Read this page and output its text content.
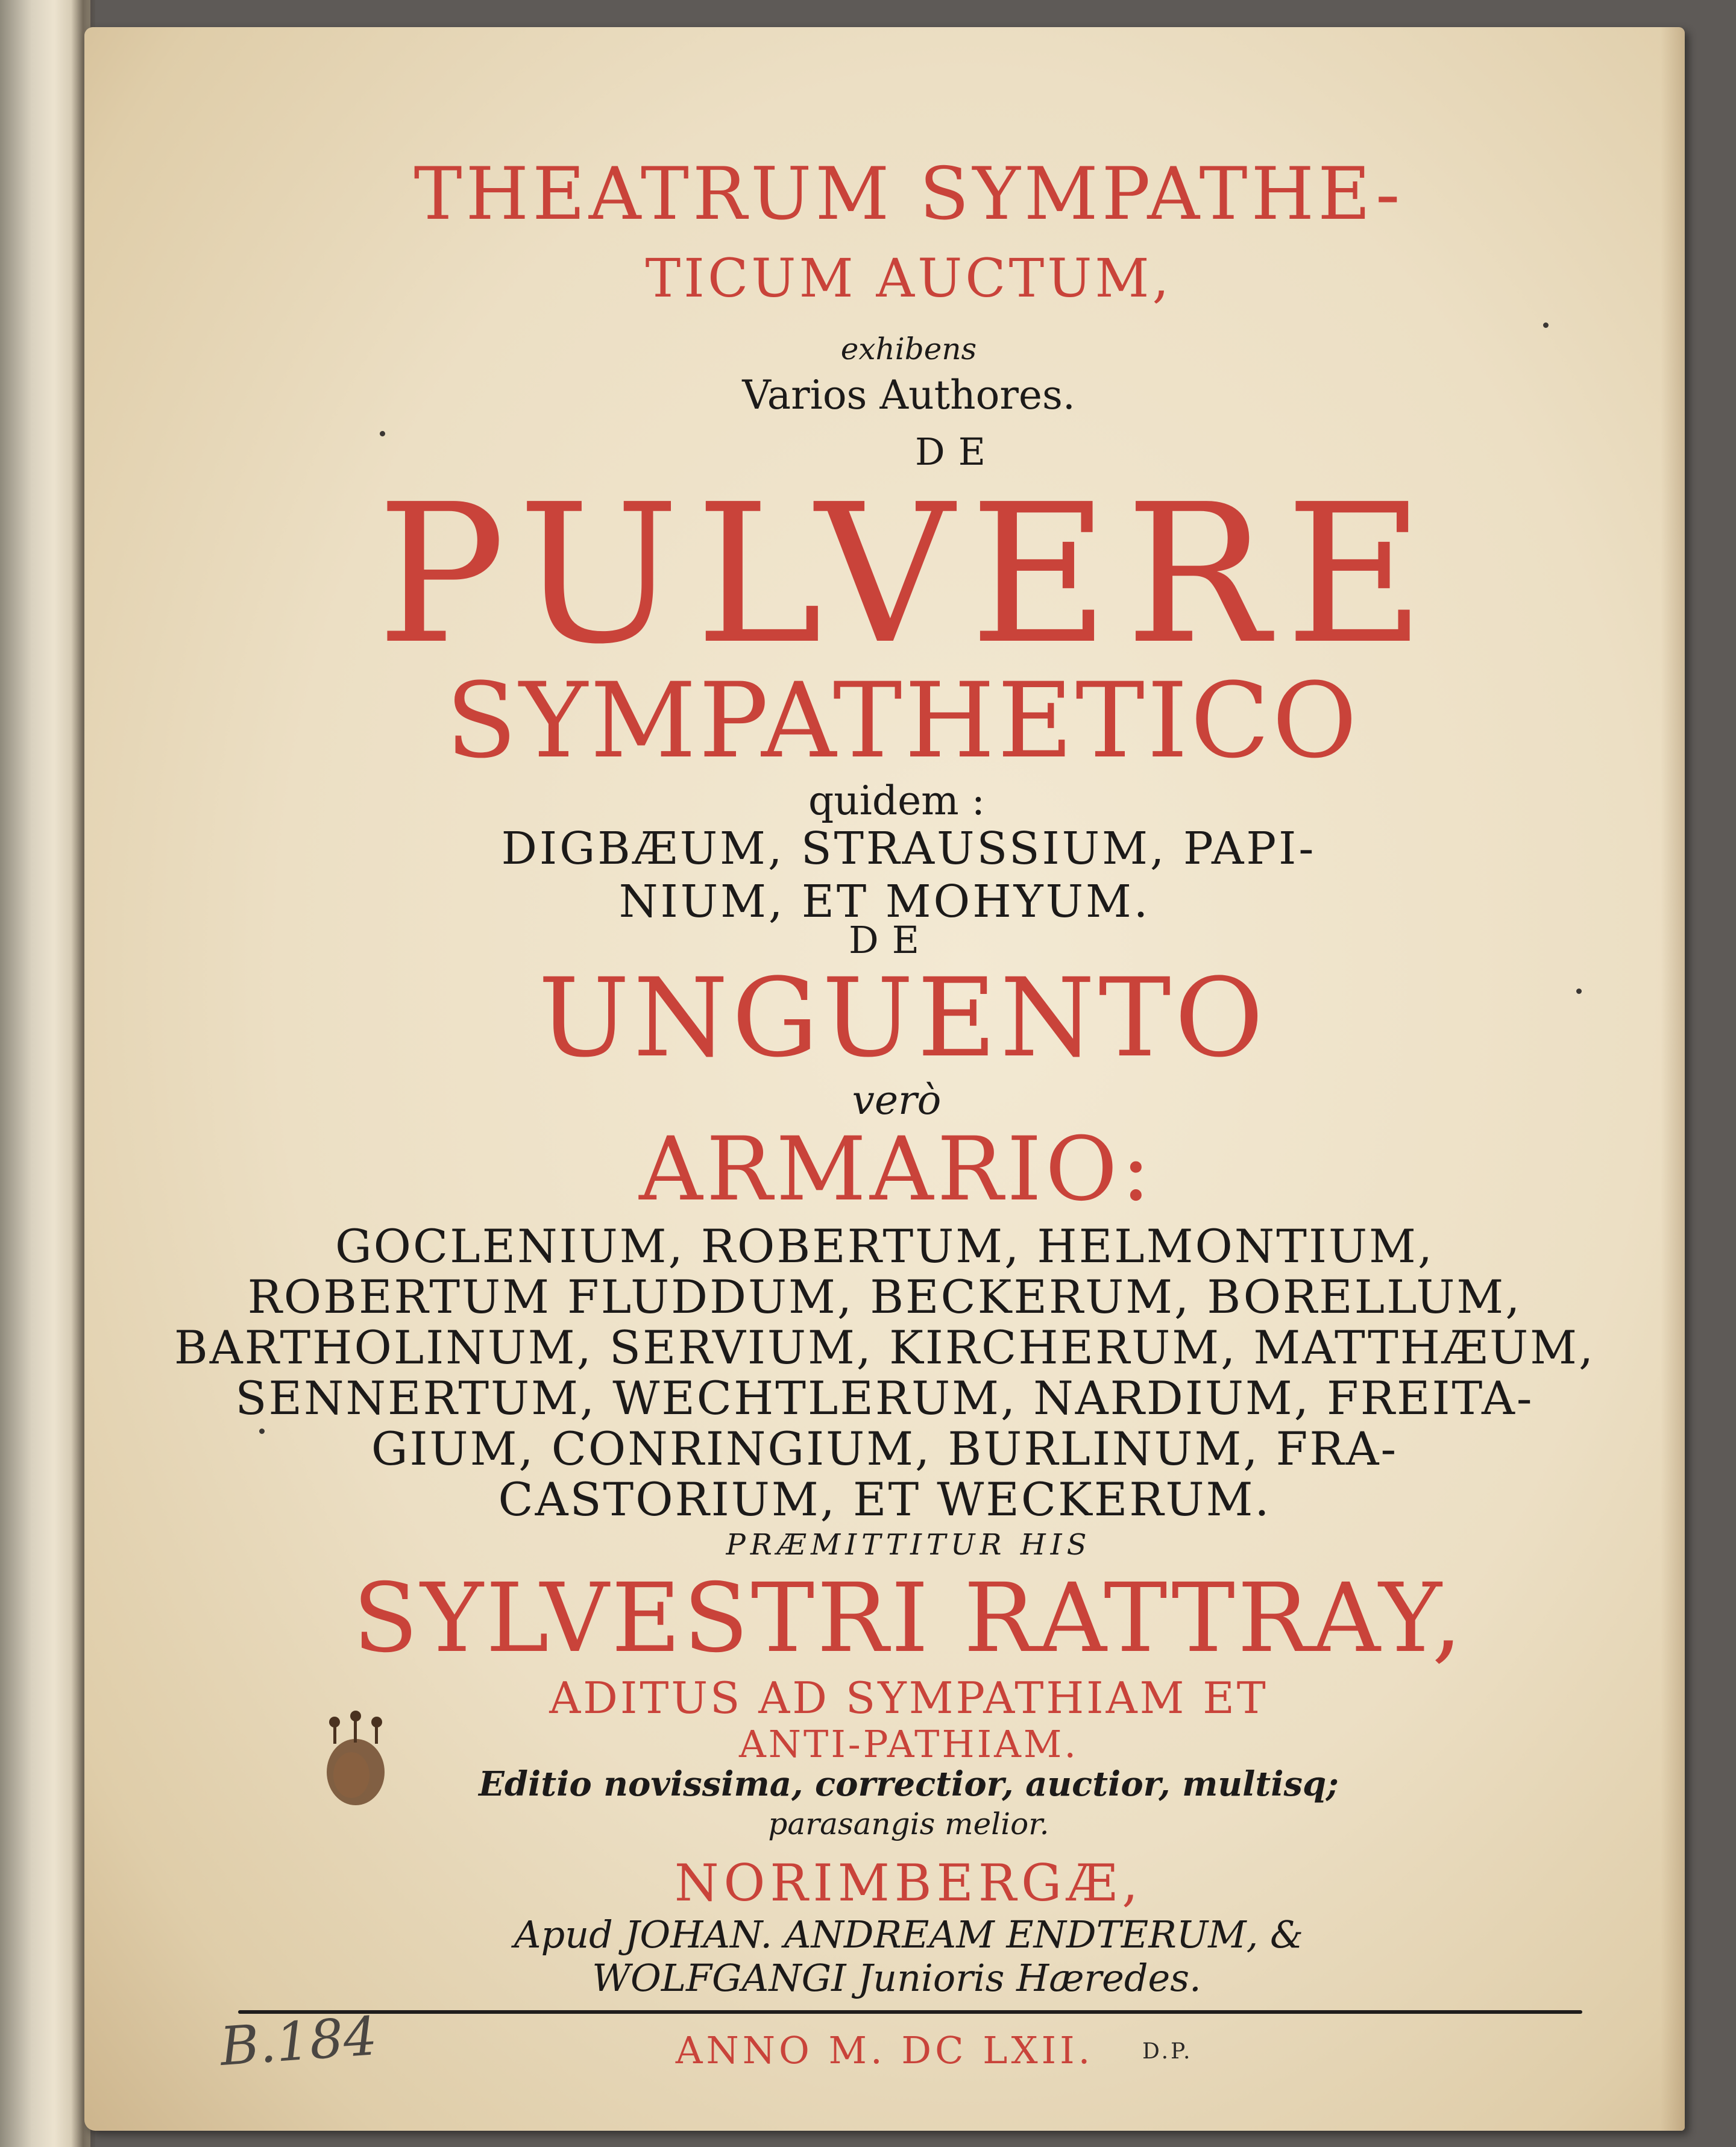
THEATRUM SYMPATHE-
TICUM AUCTUM,
exhibens
Varios Authores.
DE
PULVERE
SYMPATHETICO
quidem :
DIGBÆUM, STRAUSSIUM, PAPI-
NIUM, ET MOHYUM.
DE
UNGUENTO
verò
ARMARIO:
GOCLENIUM, ROBERTUM, HELMONTIUM,
ROBERTUM FLUDDUM, BECKERUM, BORELLUM,
BARTHOLINUM, SERVIUM, KIRCHERUM, MATTHÆUM,
SENNERTUM, WECHTLERUM, NARDIUM, FREITA-
GIUM, CONRINGIUM, BURLINUM, FRA-
CASTORIUM, ET WECKERUM.
PRÆMITTITUR HIS
SYLVESTRI RATTRAY,
ADITUS AD SYMPATHIAM ET
ANTI-PATHIAM.
Editio novissima, correctior, auctior, multisq;
parasangis melior.
NORIMBERGÆ,
Apud JOHAN. ANDREAM ENDTERUM, &
WOLFGANGI Junioris Hæredes.
ANNO M. DC LXII.	D.P.
B.184
